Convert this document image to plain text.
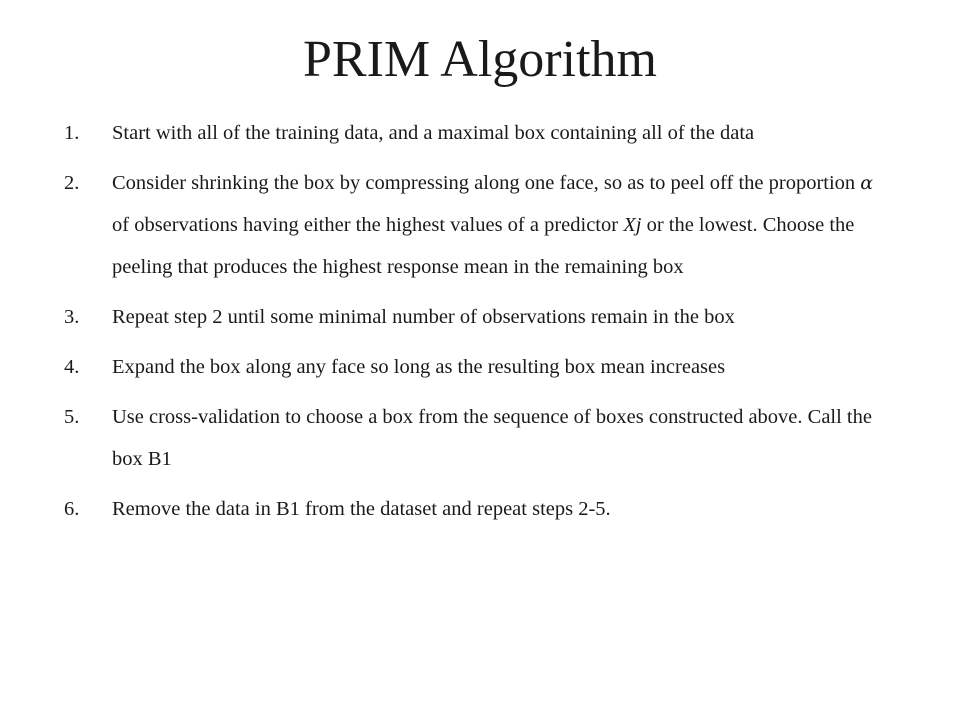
PRIM Algorithm
1. Start with all of the training data, and a maximal box containing all of the data
2. Consider shrinking the box by compressing along one face, so as to peel off the proportion α of observations having either the highest values of a predictor Xj or the lowest. Choose the peeling that produces the highest response mean in the remaining box
3. Repeat step 2 until some minimal number of observations remain in the box
4. Expand the box along any face so long as the resulting box mean increases
5. Use cross-validation to choose a box from the sequence of boxes constructed above. Call the box B1
6. Remove the data in B1 from the dataset and repeat steps 2-5.
